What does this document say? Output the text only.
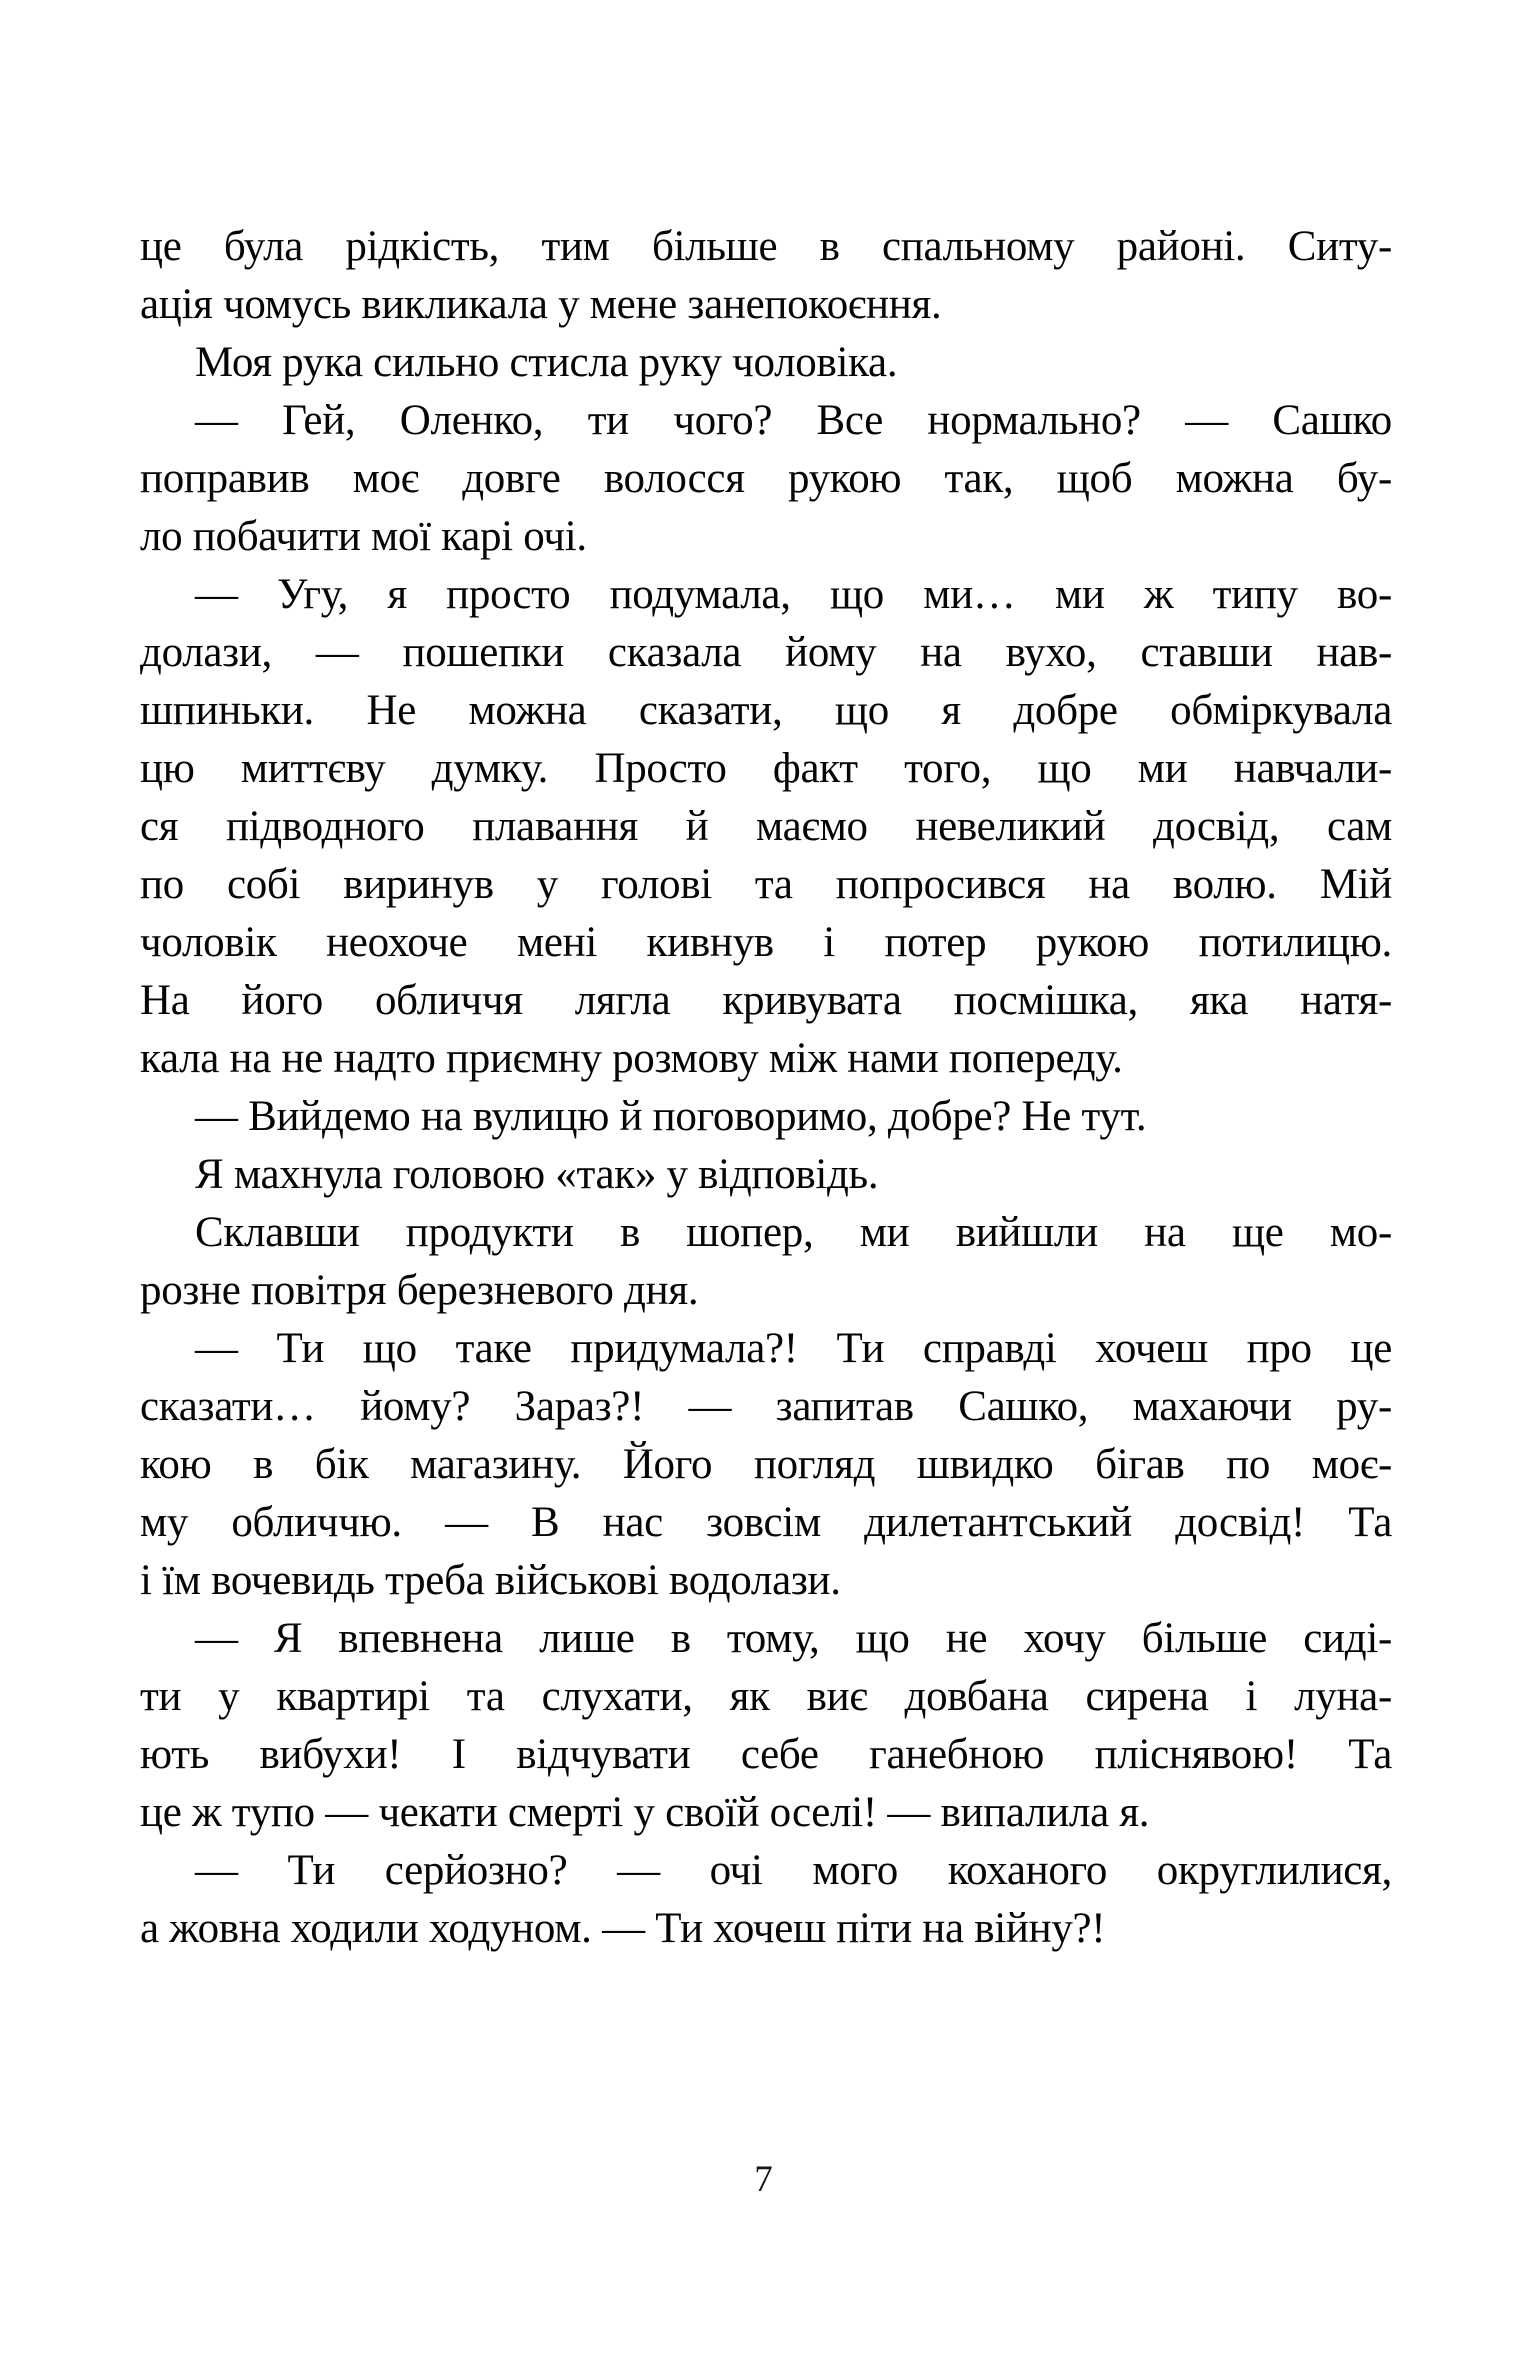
це була рідкість, тим більше в спальному районі. Ситу-
ація чомусь викликала у мене занепокоєння.
Моя рука сильно стисла руку чоловіка.
— Гей, Оленко, ти чого? Все нормально? — Сашко
поправив моє довге волосся рукою так, щоб можна бу-
ло побачити мої карі очі.
— Угу, я просто подумала, що ми… ми ж типу во-
долази, — пошепки сказала йому на вухо, ставши нав-
шпиньки. Не можна сказати, що я добре обміркувала
цю миттєву думку. Просто факт того, що ми навчали-
ся підводного плавання й маємо невеликий досвід, сам
по собі виринув у голові та попросився на волю. Мій
чоловік неохоче мені кивнув і потер рукою потилицю.
На його обличчя лягла кривувата посмішка, яка натя-
кала на не надто приємну розмову між нами попереду.
— Вийдемо на вулицю й поговоримо, добре? Не тут.
Я махнула головою «так» у відповідь.
Склавши продукти в шопер, ми вийшли на ще мо-
розне повітря березневого дня.
— Ти що таке придумала?! Ти справді хочеш про це
сказати… йому? Зараз?! — запитав Сашко, махаючи ру-
кою в бік магазину. Його погляд швидко бігав по моє-
му обличчю. — В нас зовсім дилетантський досвід! Та
і їм вочевидь треба військові водолази.
— Я впевнена лише в тому, що не хочу більше сиді-
ти у квартирі та слухати, як виє довбана сирена і луна-
ють вибухи! І відчувати себе ганебною пліснявою! Та
це ж тупо — чекати смерті у своїй оселі! — випалила я.
— Ти серйозно? — очі мого коханого округлилися,
а жовна ходили ходуном. — Ти хочеш піти на війну?!
7
